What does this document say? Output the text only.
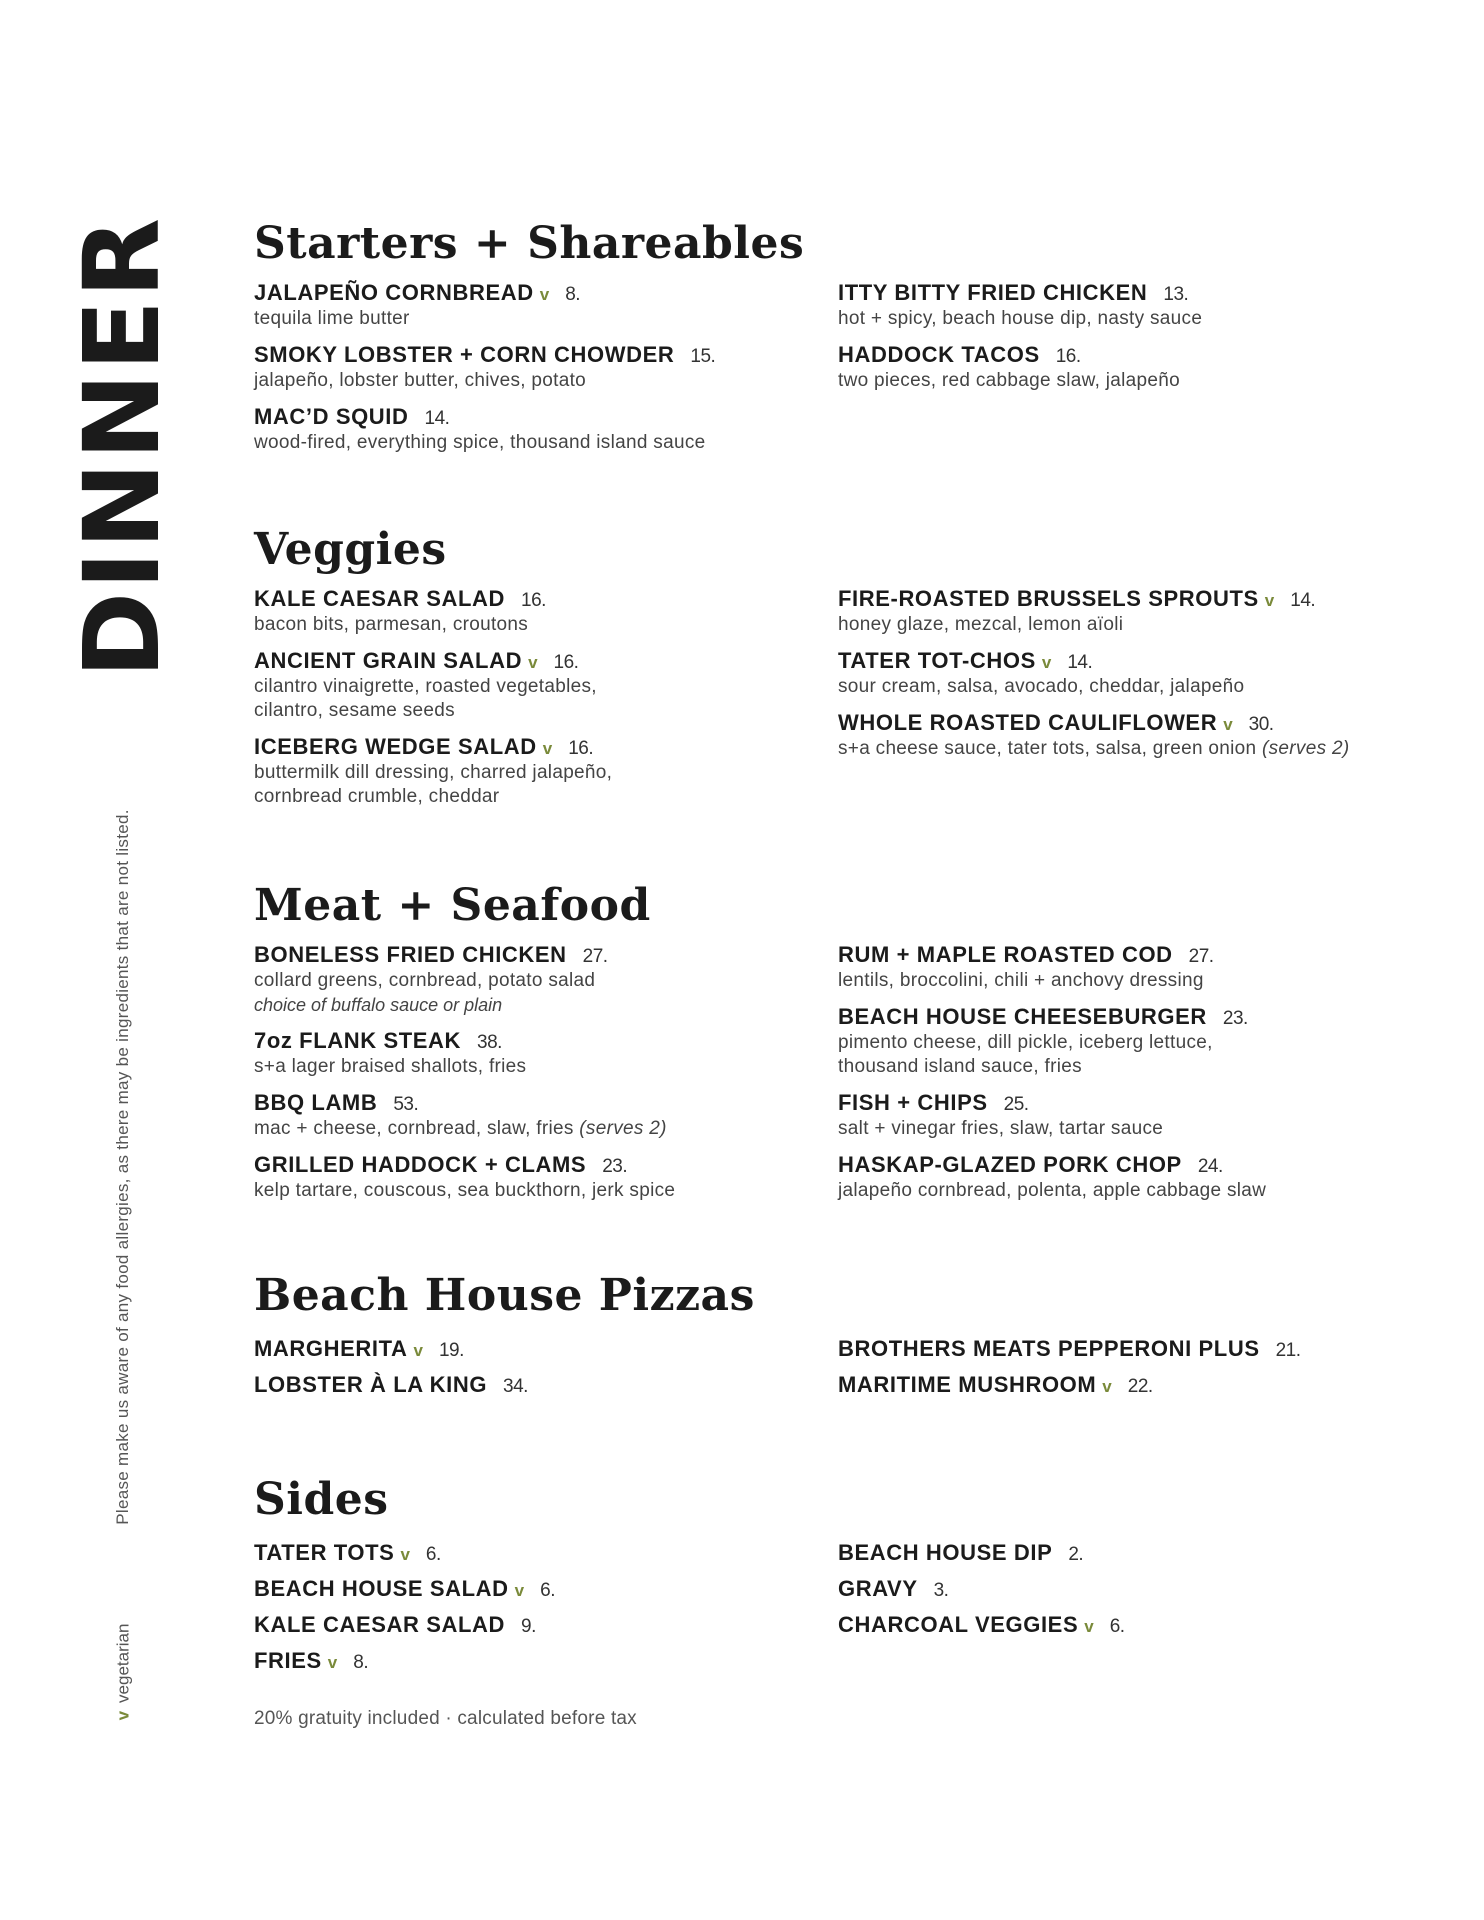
DINNER
Please make us aware of any food allergies, as there may be ingredients that are not listed.
vvegetarian
Starters + Shareables
JALAPEÑO CORNBREAD v 8.
tequila lime butter
SMOKY LOBSTER + CORN CHOWDER 15.
jalapeño, lobster butter, chives, potato
MAC’D SQUID 14.
wood-fired, everything spice, thousand island sauce
ITTY BITTY FRIED CHICKEN 13.
hot + spicy, beach house dip, nasty sauce
HADDOCK TACOS 16.
two pieces, red cabbage slaw, jalapeño
Veggies
KALE CAESAR SALAD 16.
bacon bits, parmesan, croutons
ANCIENT GRAIN SALAD v 16.
cilantro vinaigrette, roasted vegetables,
cilantro, sesame seeds
ICEBERG WEDGE SALAD v 16.
buttermilk dill dressing, charred jalapeño,
cornbread crumble, cheddar
FIRE-ROASTED BRUSSELS SPROUTS v 14.
honey glaze, mezcal, lemon aïoli
TATER TOT-CHOS v 14.
sour cream, salsa, avocado, cheddar, jalapeño
WHOLE ROASTED CAULIFLOWER v 30.
s+a cheese sauce, tater tots, salsa, green onion (serves 2)
Meat + Seafood
BONELESS FRIED CHICKEN 27.
collard greens, cornbread, potato salad
choice of buffalo sauce or plain
7oz FLANK STEAK 38.
s+a lager braised shallots, fries
BBQ LAMB 53.
mac + cheese, cornbread, slaw, fries (serves 2)
GRILLED HADDOCK + CLAMS 23.
kelp tartare, couscous, sea buckthorn, jerk spice
RUM + MAPLE ROASTED COD 27.
lentils, broccolini, chili + anchovy dressing
BEACH HOUSE CHEESEBURGER 23.
pimento cheese, dill pickle, iceberg lettuce,
thousand island sauce, fries
FISH + CHIPS 25.
salt + vinegar fries, slaw, tartar sauce
HASKAP-GLAZED PORK CHOP 24.
jalapeño cornbread, polenta, apple cabbage slaw
Beach House Pizzas
MARGHERITA v 19.
LOBSTER À LA KING 34.
BROTHERS MEATS PEPPERONI PLUS 21.
MARITIME MUSHROOM v 22.
Sides
TATER TOTS v 6.
BEACH HOUSE SALAD v 6.
KALE CAESAR SALAD 9.
FRIES v 8.
BEACH HOUSE DIP 2.
GRAVY 3.
CHARCOAL VEGGIES v 6.
20% gratuity included · calculated before tax
